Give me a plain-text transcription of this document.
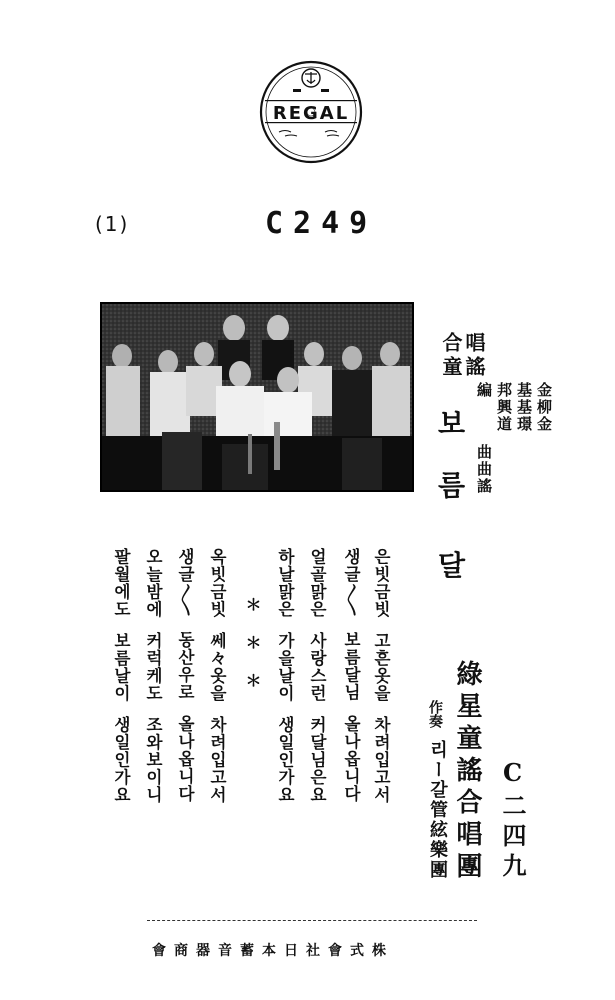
REGAL
(1)	C249
合童 唱謠
보
름
달
金柳金
基基璟
邦興道
編
曲曲謠
綠星童謠合唱團
作奏
리ー갈管絃樂團 C二四九
은빗금빗고흔옷을차려입고서
생글〱보름달님올나옵니다
얼골맑은사랑스런커달님은요
하날맑은가을날이생일인가요
＊＊＊
옥빗금빗쎄々옷을차려입고서
생글〱동산우로올나옵니다
오늘밤에커럭케도조와보이니
팔월에도보름날이생일인가요
株式會社日本蓄音器商會
